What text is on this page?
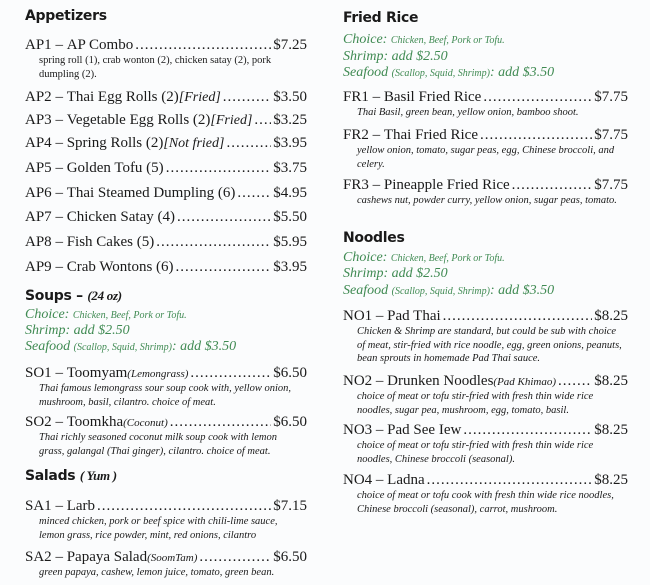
Appetizers
AP1 – AP Combo .....	$7.25
spring roll (1), crab wonton (2), chicken satay (2), pork dumpling (2).
AP2 – Thai Egg Rolls (2) [Fried] .....	$3.50
AP3 – Vegetable Egg Rolls (2) [Fried] ..... $3.25
AP4 – Spring Rolls (2) [Not fried] .....	$3.95
AP5 – Golden Tofu (5) .....	$3.75
AP6 – Thai Steamed Dumpling (6) .....	$4.95
AP7 – Chicken Satay (4) .....	$5.50
AP8 – Fish Cakes (5) .....	$5.95
AP9 – Crab Wontons (6) .....	$3.95
Soups – (24 oz)
Choice: Chicken, Beef, Pork or Tofu.
Shrimp: add $2.50
Seafood (Scallop, Squid, Shrimp): add $3.50
SO1 – Toomyam (Lemongrass) .....	$6.50
Thai famous lemongrass sour soup cook with, yellow onion, mushroom, basil, cilantro. choice of meat.
SO2 – Toomkha (Coconut) .....	$6.50
Thai richly seasoned coconut milk soup cook with lemon grass, galangal (Thai ginger), cilantro. choice of meat.
Salads ( Yum )
SA1 – Larb .....	$7.15
minced chicken, pork or beef spice with chili-lime sauce, lemon grass, rice powder, mint, red onions, cilantro
SA2 – Papaya Salad (SoomTam) .....	$6.50
green papaya, cashew, lemon juice, tomato, green bean.
Fried Rice
Choice: Chicken, Beef, Pork or Tofu.
Shrimp: add $2.50
Seafood (Scallop, Squid, Shrimp): add $3.50
FR1 – Basil Fried Rice .....	$7.75
Thai Basil, green bean, yellow onion, bamboo shoot.
FR2 – Thai Fried Rice .....	$7.75
yellow onion, tomato, sugar peas, egg, Chinese broccoli, and celery.
FR3 – Pineapple Fried Rice .....	$7.75
cashews nut, powder curry, yellow onion, sugar peas, tomato.
Noodles
Choice: Chicken, Beef, Pork or Tofu.
Shrimp: add $2.50
Seafood (Scallop, Squid, Shrimp): add $3.50
NO1 – Pad Thai .....	$8.25
Chicken & Shrimp are standard, but could be sub with choice of meat, stir-fried with rice noodle, egg, green onions, peanuts, bean sprouts in homemade Pad Thai sauce.
NO2 – Drunken Noodles (Pad Khimao) .....	$8.25
choice of meat or tofu stir-fried with fresh thin wide rice noodles, sugar pea, mushroom, egg, tomato, basil.
NO3 – Pad See Iew .....	$8.25
choice of meat or tofu stir-fried with fresh thin wide rice noodles, Chinese broccoli (seasonal).
NO4 – Ladna .....	$8.25
choice of meat or tofu cook with fresh thin wide rice noodles, Chinese broccoli (seasonal), carrot, mushroom.
